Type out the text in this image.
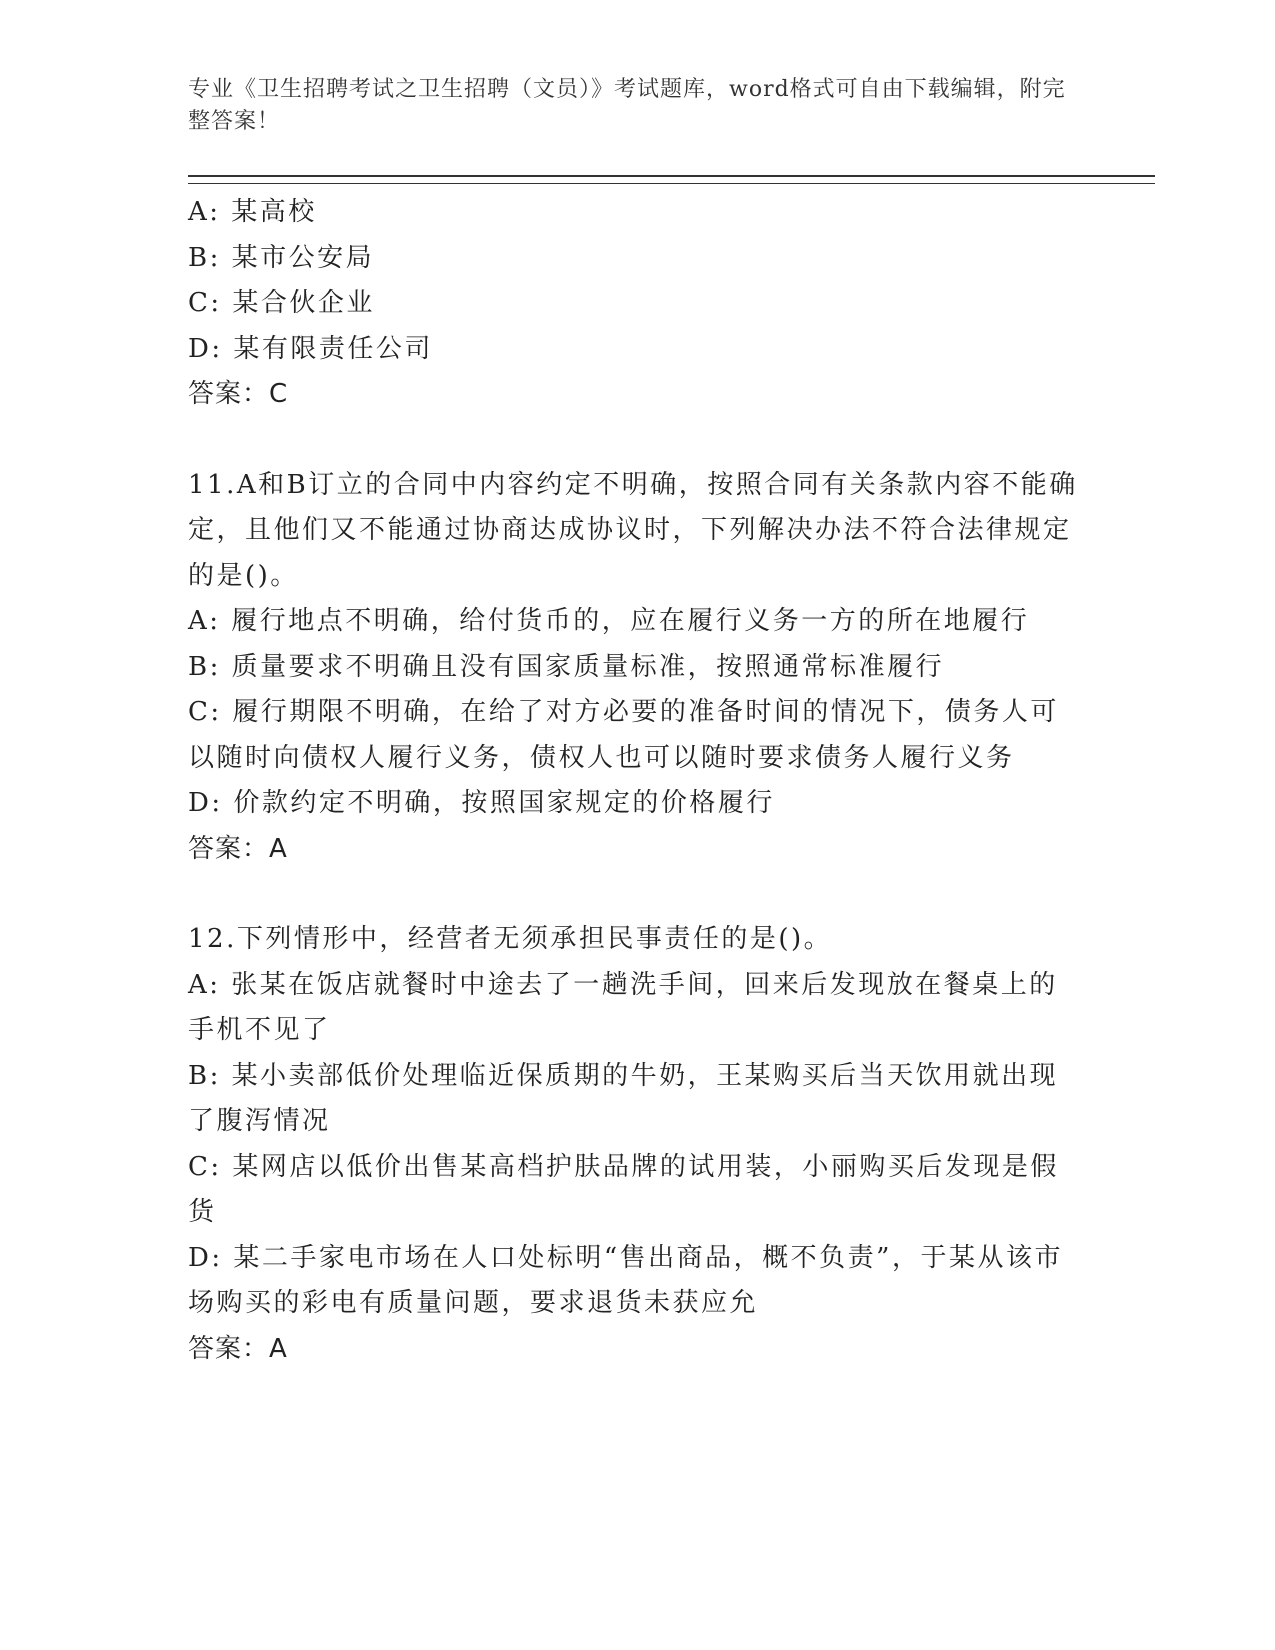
专业《卫生招聘考试之卫生招聘（文员）》考试题库，word格式可自由下载编辑，附完整答案！
A: 某高校
B: 某市公安局
C: 某合伙企业
D: 某有限责任公司
答案：C
11.A和B订立的合同中内容约定不明确，按照合同有关条款内容不能确定，且他们又不能通过协商达成协议时，下列解决办法不符合法律规定的是()。
A: 履行地点不明确，给付货币的，应在履行义务一方的所在地履行
B: 质量要求不明确且没有国家质量标准，按照通常标准履行
C: 履行期限不明确，在给了对方必要的准备时间的情况下，债务人可以随时向债权人履行义务，债权人也可以随时要求债务人履行义务
D: 价款约定不明确，按照国家规定的价格履行
答案：A
12.下列情形中，经营者无须承担民事责任的是()。
A: 张某在饭店就餐时中途去了一趟洗手间，回来后发现放在餐桌上的手机不见了
B: 某小卖部低价处理临近保质期的牛奶，王某购买后当天饮用就出现了腹泻情况
C: 某网店以低价出售某高档护肤品牌的试用装，小丽购买后发现是假货
D: 某二手家电市场在人口处标明“售出商品，概不负责”，于某从该市场购买的彩电有质量问题，要求退货未获应允
答案：A
